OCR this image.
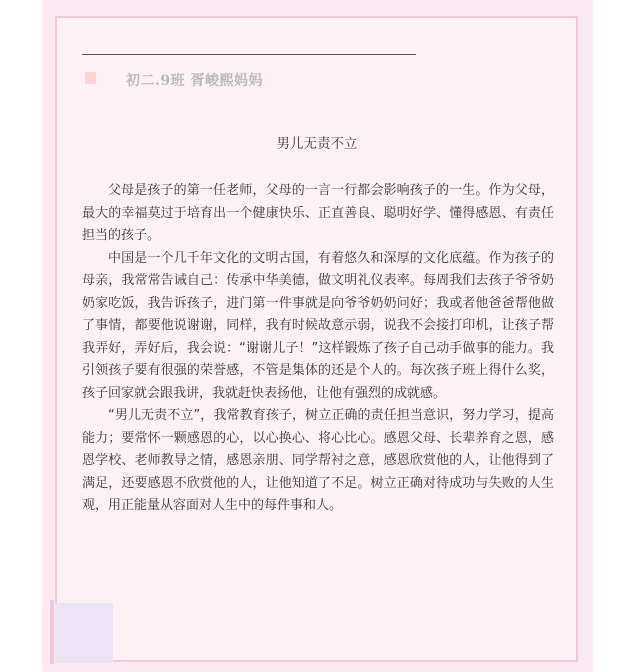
初二.9班 胥峻熙妈妈
男儿无责不立

父母是孩子的第一任老师，父母的一言一行都会影响孩子的一生。作为父母，最大的幸福莫过于培育出一个健康快乐、正直善良、聪明好学、懂得感恩、有责任担当的孩子。

中国是一个几千年文化的文明古国，有着悠久和深厚的文化底蕴。作为孩子的母亲，我常常告诫自己：传承中华美德，做文明礼仪表率。每周我们去孩子爷爷奶奶家吃饭，我告诉孩子，进门第一件事就是向爷爷奶奶问好；我或者他爸爸帮他做了事情，都要他说谢谢，同样，我有时候故意示弱，说我不会接打印机，让孩子帮我弄好，弄好后，我会说：“谢谢儿子！”这样锻炼了孩子自己动手做事的能力。我引领孩子要有很强的荣誉感，不管是集体的还是个人的。每次孩子班上得什么奖，孩子回家就会跟我讲，我就赶快表扬他，让他有强烈的成就感。

“男儿无责不立”，我常教育孩子，树立正确的责任担当意识，努力学习，提高能力；要常怀一颗感恩的心，以心换心、将心比心。感恩父母、长辈养育之恩，感恩学校、老师教导之情，感恩亲朋、同学帮衬之意，感恩欣赏他的人，让他得到了满足，还要感恩不欣赏他的人，让他知道了不足。树立正确对待成功与失败的人生观，用正能量从容面对人生中的每件事和人。
